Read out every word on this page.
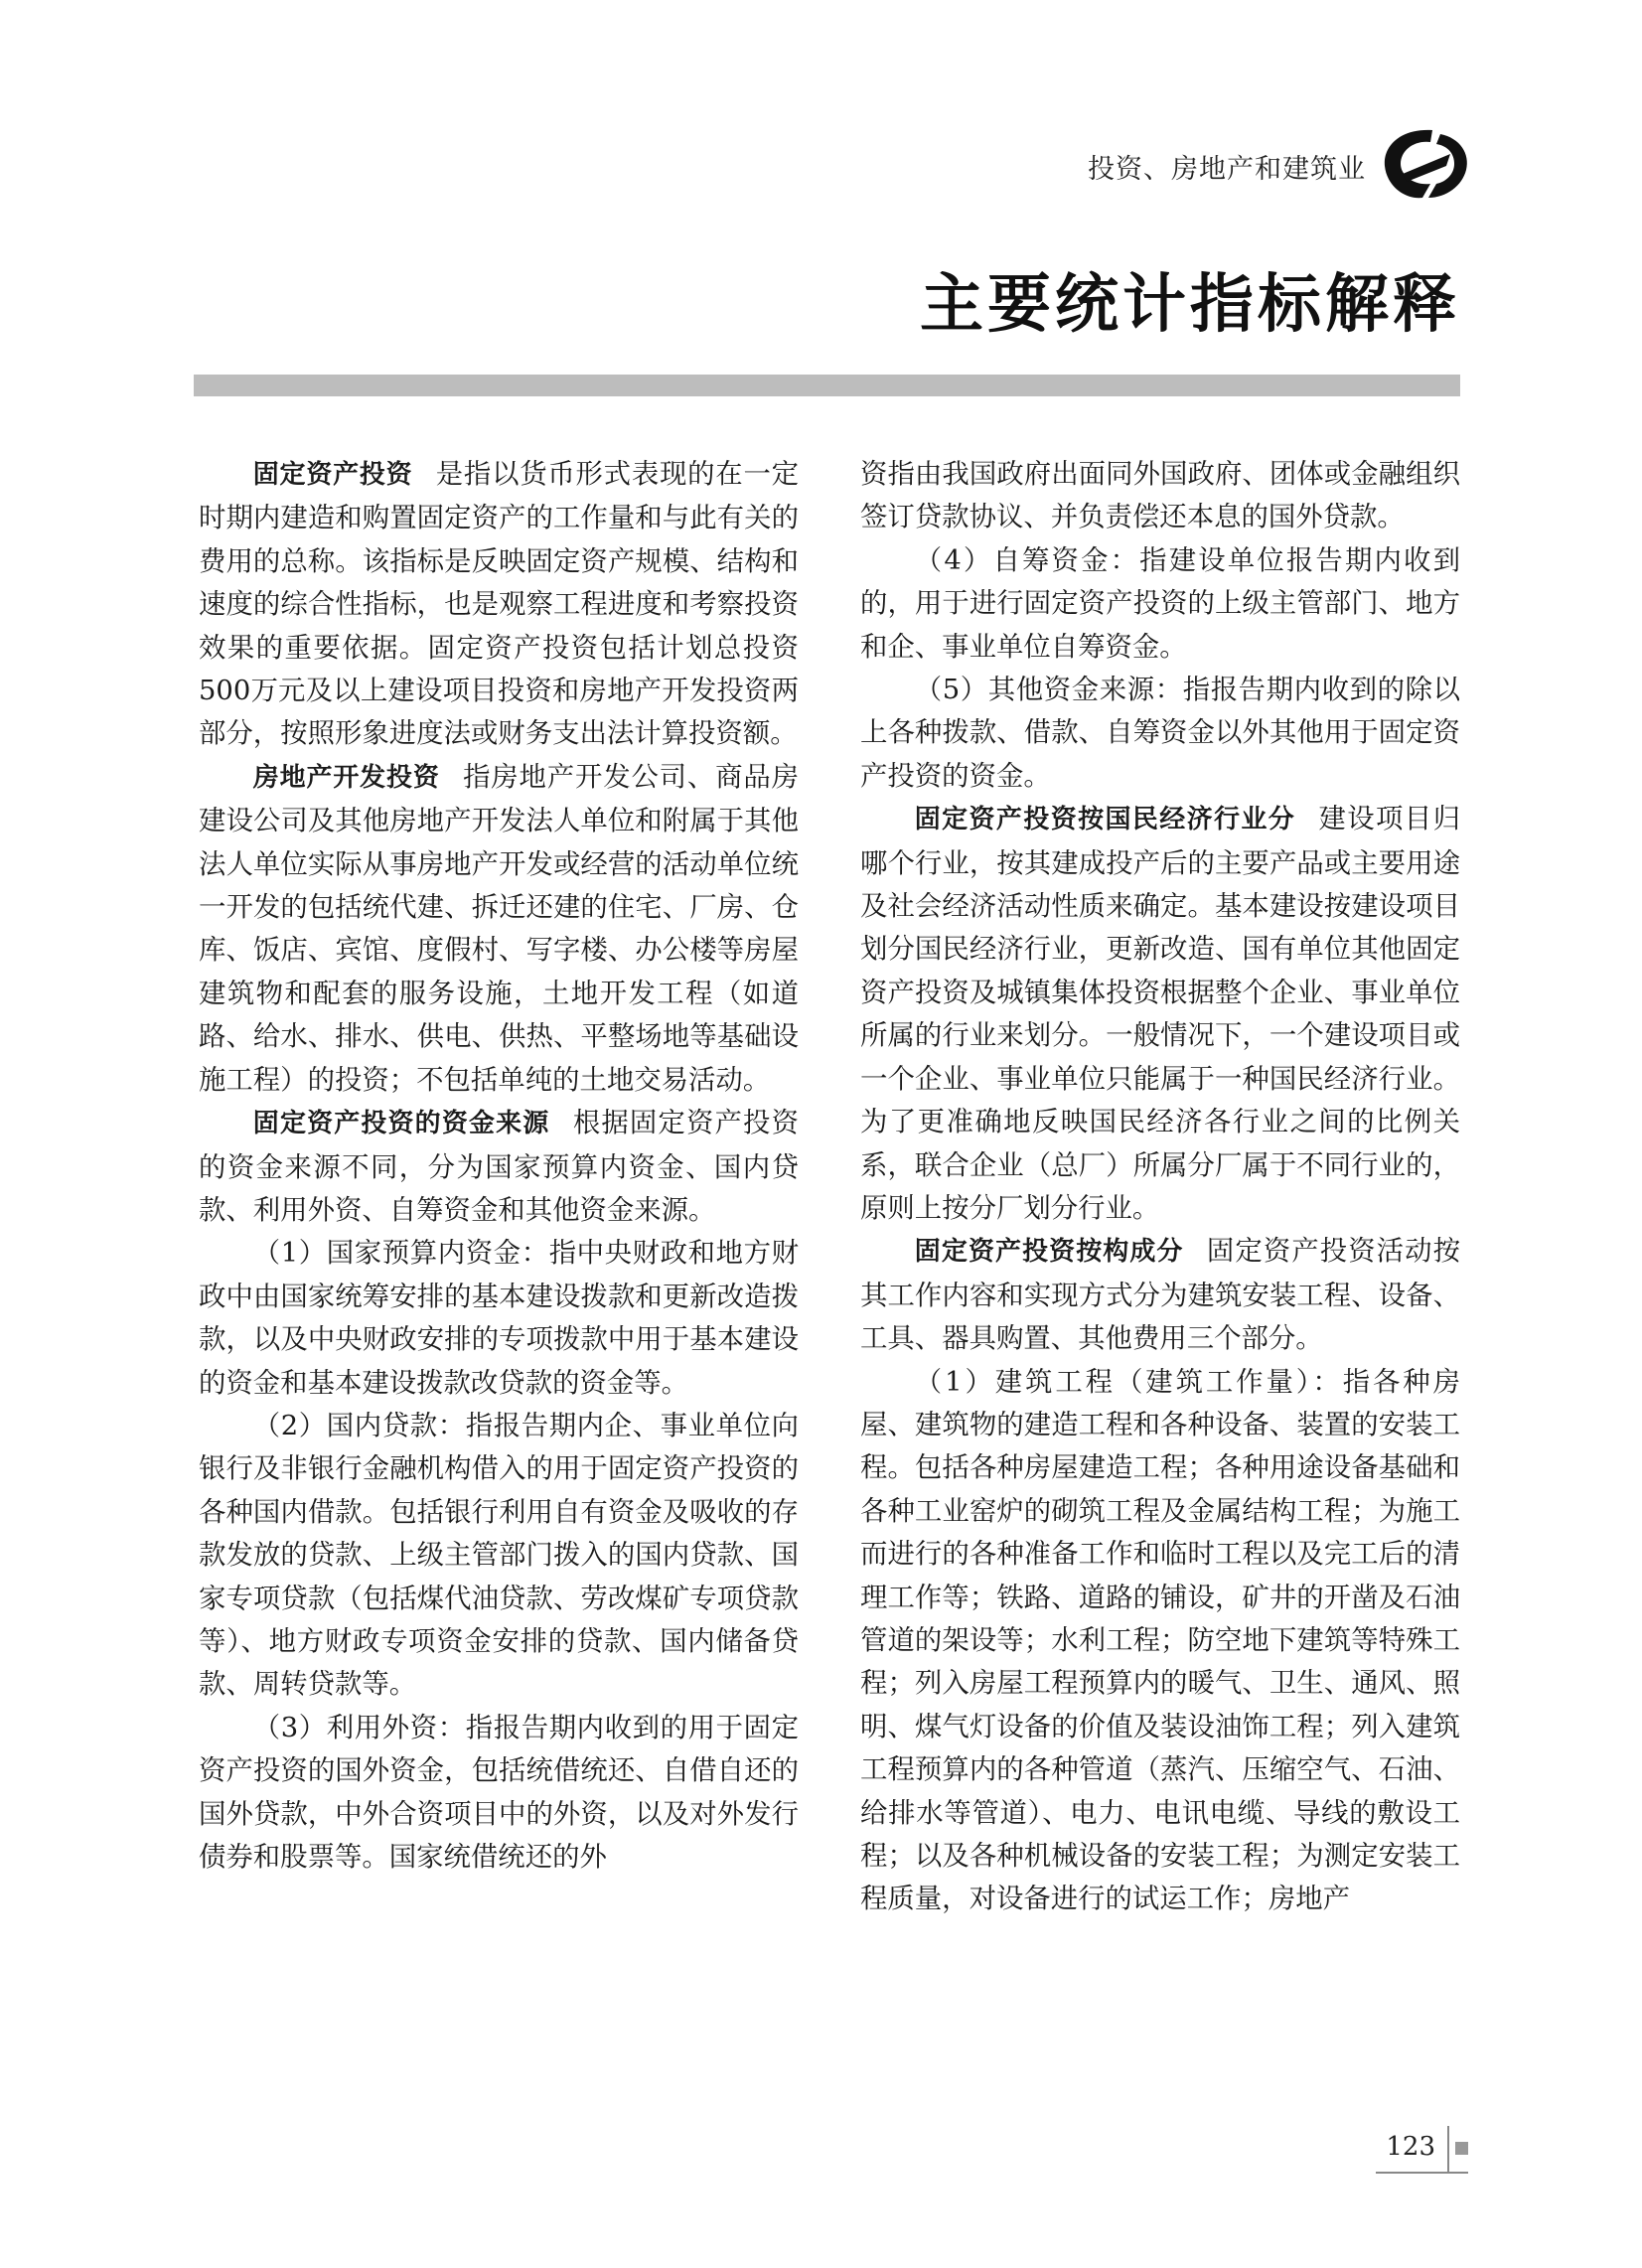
投资、房地产和建筑业
主要统计指标解释

固定资产投资 是指以货币形式表现的在一定时期内建造和购置固定资产的工作量和与此有关的费用的总称。该指标是反映固定资产规模、结构和速度的综合性指标，也是观察工程进度和考察投资效果的重要依据。固定资产投资包括计划总投资500万元及以上建设项目投资和房地产开发投资两部分，按照形象进度法或财务支出法计算投资额。

房地产开发投资 指房地产开发公司、商品房建设公司及其他房地产开发法人单位和附属于其他法人单位实际从事房地产开发或经营的活动单位统一开发的包括统代建、拆迁还建的住宅、厂房、仓库、饭店、宾馆、度假村、写字楼、办公楼等房屋建筑物和配套的服务设施，土地开发工程（如道路、给水、排水、供电、供热、平整场地等基础设施工程）的投资；不包括单纯的土地交易活动。

固定资产投资的资金来源 根据固定资产投资的资金来源不同，分为国家预算内资金、国内贷款、利用外资、自筹资金和其他资金来源。

（1）国家预算内资金：指中央财政和地方财政中由国家统筹安排的基本建设拨款和更新改造拨款，以及中央财政安排的专项拨款中用于基本建设的资金和基本建设拨款改贷款的资金等。

（2）国内贷款：指报告期内企、事业单位向银行及非银行金融机构借入的用于固定资产投资的各种国内借款。包括银行利用自有资金及吸收的存款发放的贷款、上级主管部门拨入的国内贷款、国家专项贷款（包括煤代油贷款、劳改煤矿专项贷款等）、地方财政专项资金安排的贷款、国内储备贷款、周转贷款等。

（3）利用外资：指报告期内收到的用于固定资产投资的国外资金，包括统借统还、自借自还的国外贷款，中外合资项目中的外资，以及对外发行债券和股票等。国家统借统还的外

资指由我国政府出面同外国政府、团体或金融组织签订贷款协议、并负责偿还本息的国外贷款。

（4）自筹资金：指建设单位报告期内收到的，用于进行固定资产投资的上级主管部门、地方和企、事业单位自筹资金。

（5）其他资金来源：指报告期内收到的除以上各种拨款、借款、自筹资金以外其他用于固定资产投资的资金。

固定资产投资按国民经济行业分 建设项目归哪个行业，按其建成投产后的主要产品或主要用途及社会经济活动性质来确定。基本建设按建设项目划分国民经济行业，更新改造、国有单位其他固定资产投资及城镇集体投资根据整个企业、事业单位所属的行业来划分。一般情况下，一个建设项目或一个企业、事业单位只能属于一种国民经济行业。为了更准确地反映国民经济各行业之间的比例关系，联合企业（总厂）所属分厂属于不同行业的，原则上按分厂划分行业。

固定资产投资按构成分 固定资产投资活动按其工作内容和实现方式分为建筑安装工程、设备、工具、器具购置、其他费用三个部分。

（1）建筑工程（建筑工作量）：指各种房屋、建筑物的建造工程和各种设备、装置的安装工程。包括各种房屋建造工程；各种用途设备基础和各种工业窑炉的砌筑工程及金属结构工程；为施工而进行的各种准备工作和临时工程以及完工后的清理工作等；铁路、道路的铺设，矿井的开凿及石油管道的架设等；水利工程；防空地下建筑等特殊工程；列入房屋工程预算内的暖气、卫生、通风、照明、煤气灯设备的价值及装设油饰工程；列入建筑工程预算内的各种管道（蒸汽、压缩空气、石油、给排水等管道）、电力、电讯电缆、导线的敷设工程；以及各种机械设备的安装工程；为测定安装工程质量，对设备进行的试运工作；房地产

123
